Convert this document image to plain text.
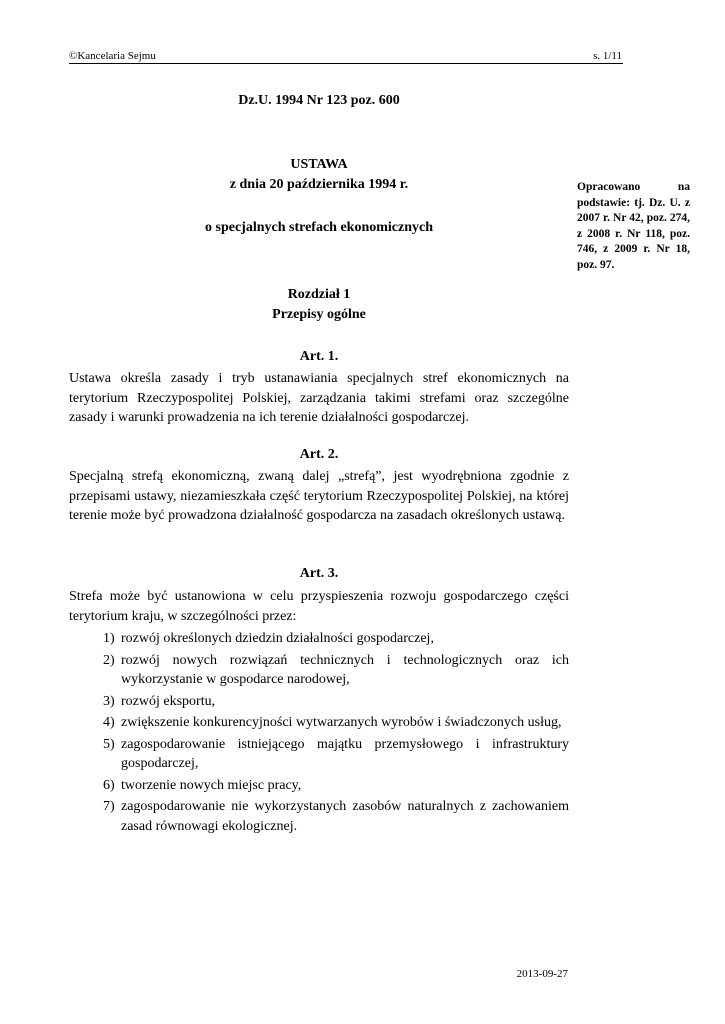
©Kancelaria Sejmu	s. 1/11
Dz.U. 1994 Nr 123 poz. 600
USTAWA
z dnia 20 października 1994 r.
o specjalnych strefach ekonomicznych
Opracowano na podstawie: tj. Dz. U. z 2007 r. Nr 42, poz. 274, z 2008 r. Nr 118, poz. 746, z 2009 r. Nr 18, poz. 97.
Rozdział 1
Przepisy ogólne
Art. 1.
Ustawa określa zasady i tryb ustanawiania specjalnych stref ekonomicznych na terytorium Rzeczypospolitej Polskiej, zarządzania takimi strefami oraz szczególne zasady i warunki prowadzenia na ich terenie działalności gospodarczej.
Art. 2.
Specjalną strefą ekonomiczną, zwaną dalej „strefą”, jest wyodrębniona zgodnie z przepisami ustawy, niezamieszkała część terytorium Rzeczypospolitej Polskiej, na której terenie może być prowadzona działalność gospodarcza na zasadach określonych ustawą.
Art. 3.
Strefa może być ustanowiona w celu przyspieszenia rozwoju gospodarczego części terytorium kraju, w szczególności przez:
1) rozwój określonych dziedzin działalności gospodarczej,
2) rozwój nowych rozwiązań technicznych i technologicznych oraz ich wykorzystanie w gospodarce narodowej,
3) rozwój eksportu,
4) zwiększenie konkurencyjności wytwarzanych wyrobów i świadczonych usług,
5) zagospodarowanie istniejącego majątku przemysłowego i infrastruktury gospodarczej,
6) tworzenie nowych miejsc pracy,
7) zagospodarowanie nie wykorzystanych zasobów naturalnych z zachowaniem zasad równowagi ekologicznej.
2013-09-27
